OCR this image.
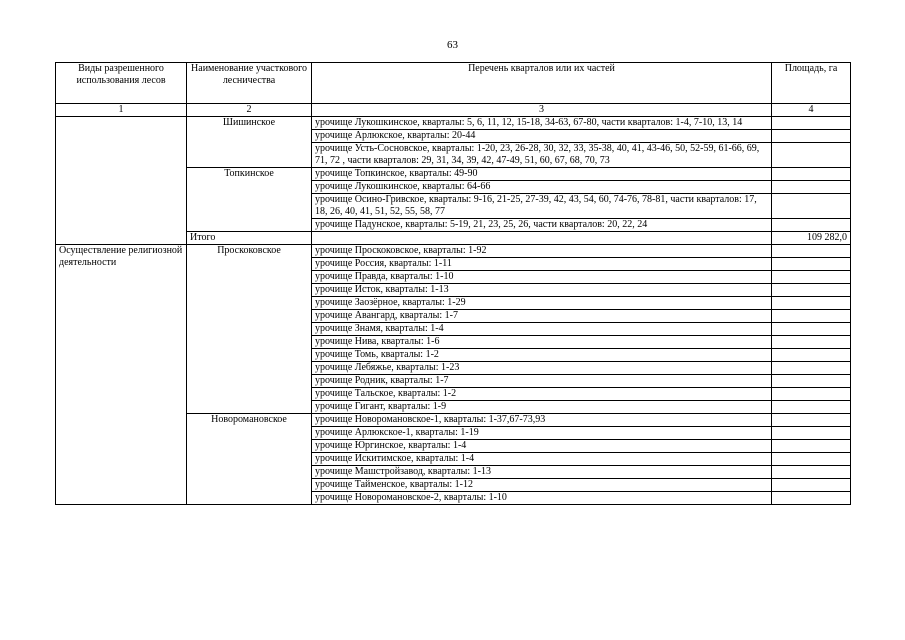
63
Виды разрешенного использования лесов	Наименование участкового лесничества	Перечень кварталов или их частей	Площадь, га
1	2	3	4
	Шишинское	урочище Лукошкинское, кварталы: 5, 6, 11, 12, 15-18, 34-63, 67-80, части кварталов: 1-4, 7-10, 13, 14	
		урочище Арлюкское, кварталы: 20-44	
		урочище Усть-Сосновское, кварталы: 1-20, 23, 26-28, 30, 32, 33, 35-38, 40, 41, 43-46, 50, 52-59, 61-66, 69, 71, 72 , части кварталов: 29, 31, 34, 39, 42, 47-49, 51, 60, 67, 68, 70, 73	
	Топкинское	урочище Топкинское, кварталы: 49-90	
		урочище Лукошкинское, кварталы: 64-66	
		урочище Осино-Гривское, кварталы: 9-16, 21-25, 27-39, 42, 43, 54, 60, 74-76, 78-81, части кварталов: 17, 18, 26, 40, 41, 51, 52, 55, 58, 77	
		урочище Падунское, кварталы: 5-19, 21, 23, 25, 26, части кварталов: 20, 22, 24	
	Итого		109 282,0
Осуществление религиозной деятельности	Проскоковское	урочище Проскоковское, кварталы: 1-92	
		урочище Россия, кварталы: 1-11	
		урочище Правда, кварталы: 1-10	
		урочище Исток, кварталы: 1-13	
		урочище Заозёрное, кварталы: 1-29	
		урочище Авангард, кварталы: 1-7	
		урочище Знамя, кварталы: 1-4	
		урочище Нива, кварталы: 1-6	
		урочище Томь, кварталы: 1-2	
		урочище Лебяжье, кварталы: 1-23	
		урочище Родник, кварталы: 1-7	
		урочище Тальское, кварталы: 1-2	
		урочище Гигант, кварталы: 1-9	
	Новоромановское	урочище Новоромановское-1, кварталы: 1-37,67-73,93	
		урочище Арлюкское-1, кварталы: 1-19	
		урочище Юргинское, кварталы: 1-4	
		урочище Искитимское, кварталы: 1-4	
		урочище Машстройзавод, кварталы: 1-13	
		урочище Тайменское, кварталы: 1-12	
		урочище Новоромановское-2, кварталы: 1-10	
